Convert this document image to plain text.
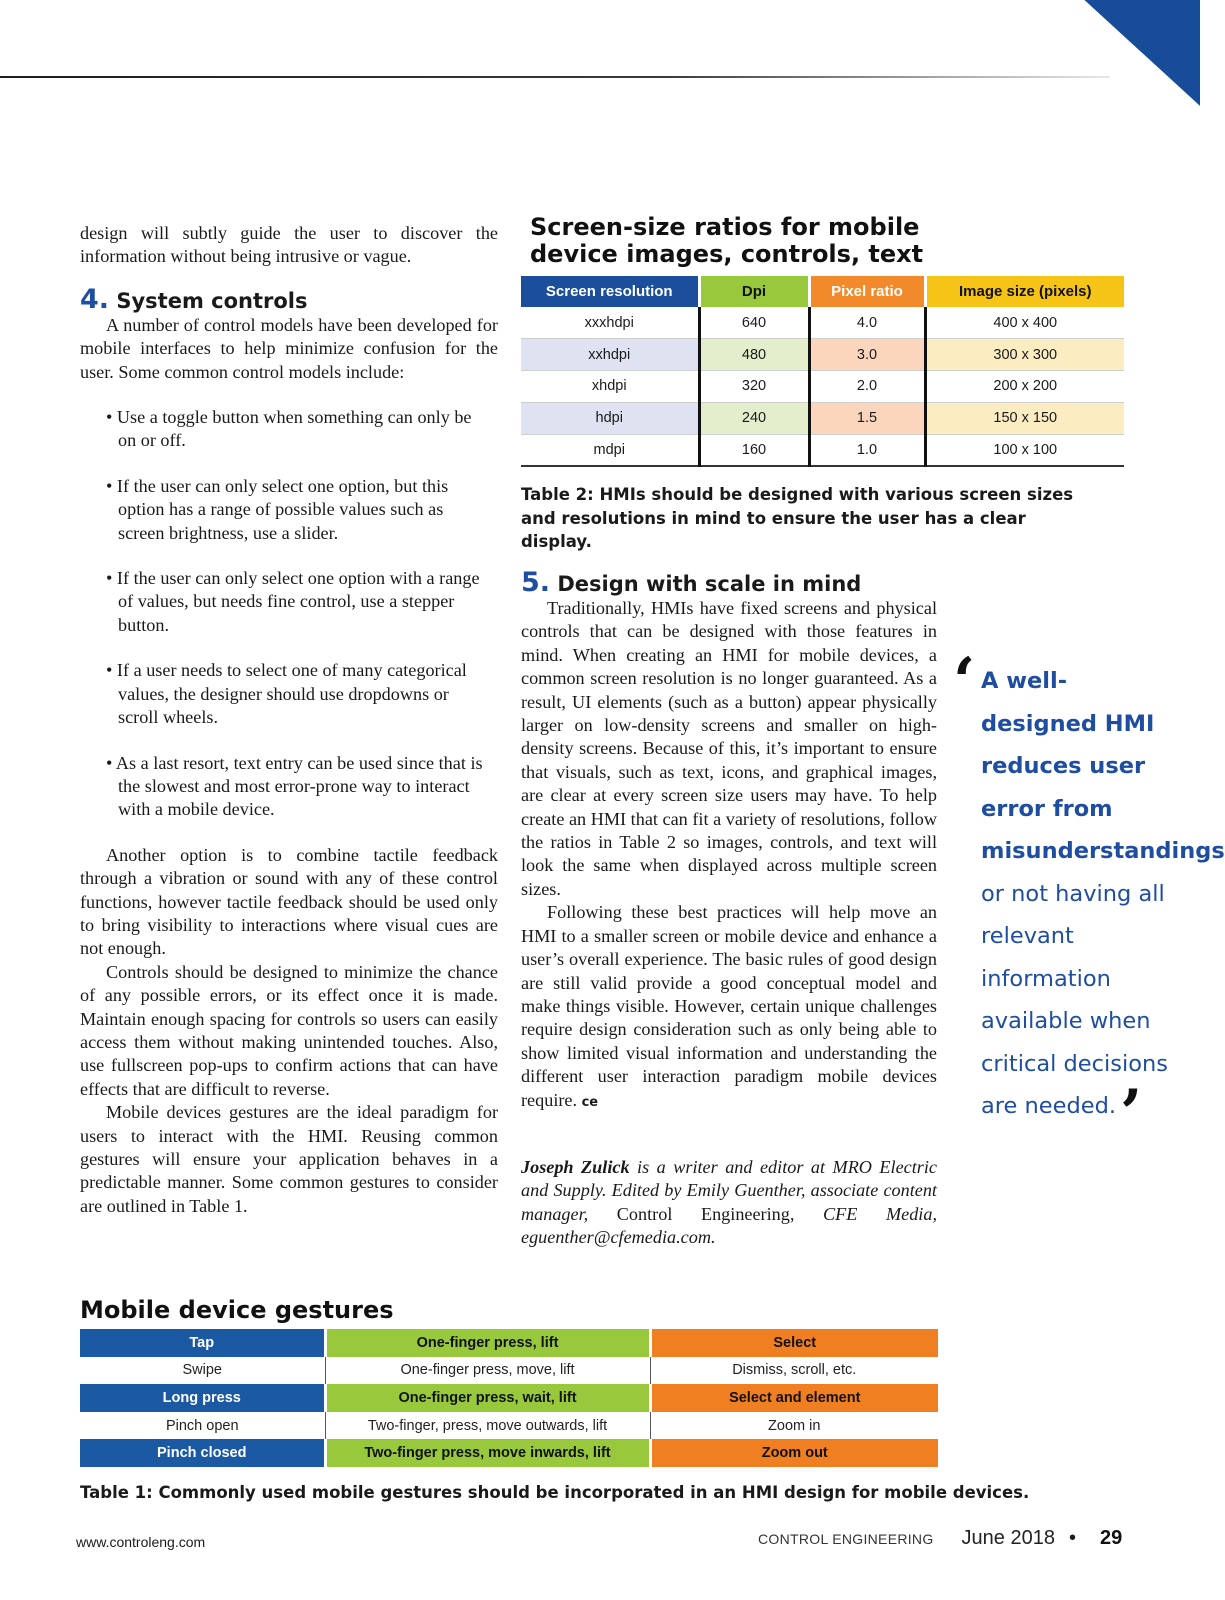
design will subtly guide the user to discover the information without being intrusive or vague.

4. System controls

A number of control models have been developed for mobile interfaces to help minimize confusion for the user. Some common control models include:

• Use a toggle button when something can only be on or off.

• If the user can only select one option, but this option has a range of possible values such as screen brightness, use a slider.

• If the user can only select one option with a range of values, but needs fine control, use a stepper button.

• If a user needs to select one of many categorical values, the designer should use dropdowns or scroll wheels.

• As a last resort, text entry can be used since that is the slowest and most error-prone way to interact with a mobile device.

Another option is to combine tactile feedback through a vibration or sound with any of these control functions, however tactile feedback should be used only to bring visibility to interactions where visual cues are not enough.

Controls should be designed to minimize the chance of any possible errors, or its effect once it is made. Maintain enough spacing for controls so users can easily access them without making unintended touches. Also, use fullscreen pop-ups to confirm actions that can have effects that are difficult to reverse.

Mobile devices gestures are the ideal paradigm for users to interact with the HMI. Reusing common gestures will ensure your application behaves in a predictable manner. Some common gestures to consider are outlined in Table 1.

Screen-size ratios for mobile device images, controls, text
Screen resolution	Dpi	Pixel ratio	Image size (pixels)
xxxhdpi	640	4.0	400 x 400
xxhdpi	480	3.0	300 x 300
xhdpi	320	2.0	200 x 200
hdpi	240	1.5	150 x 150
mdpi	160	1.0	100 x 100
Table 2: HMIs should be designed with various screen sizes and resolutions in mind to ensure the user has a clear display.
5. Design with scale in mind

Traditionally, HMIs have fixed screens and physical controls that can be designed with those features in mind. When creating an HMI for mobile devices, a common screen resolution is no longer guaranteed. As a result, UI elements (such as a button) appear physically larger on low-density screens and smaller on high-density screens. Because of this, it’s important to ensure that visuals, such as text, icons, and graphical images, are clear at every screen size users may have. To help create an HMI that can fit a variety of resolutions, follow the ratios in Table 2 so images, controls, and text will look the same when displayed across multiple screen sizes.

Following these best practices will help move an HMI to a smaller screen or mobile device and enhance a user’s overall experience. The basic rules of good design are still valid provide a good conceptual model and make things visible. However, certain unique challenges require design consideration such as only being able to show limited visual information and understanding the different user interaction paradigm mobile devices require. ce

Joseph Zulick is a writer and editor at MRO Electric and Supply. Edited by Emily Guenther, associate content manager, Control Engineering, CFE Media, eguenther@cfemedia.com.

‘ A well-designed HMI reduces user error from misunderstandings or not having all relevant information available when critical decisions are needed.’
Mobile device gestures
Tap	One-finger press, lift	Select
Swipe	One-finger press, move, lift	Dismiss, scroll, etc.
Long press	One-finger press, wait, lift	Select and element
Pinch open	Two-finger, press, move outwards, lift	Zoom in
Pinch closed	Two-finger press, move inwards, lift	Zoom out
Table 1: Commonly used mobile gestures should be incorporated in an HMI design for mobile devices.
www.controleng.com	CONTROL ENGINEERING June 2018 • 29
